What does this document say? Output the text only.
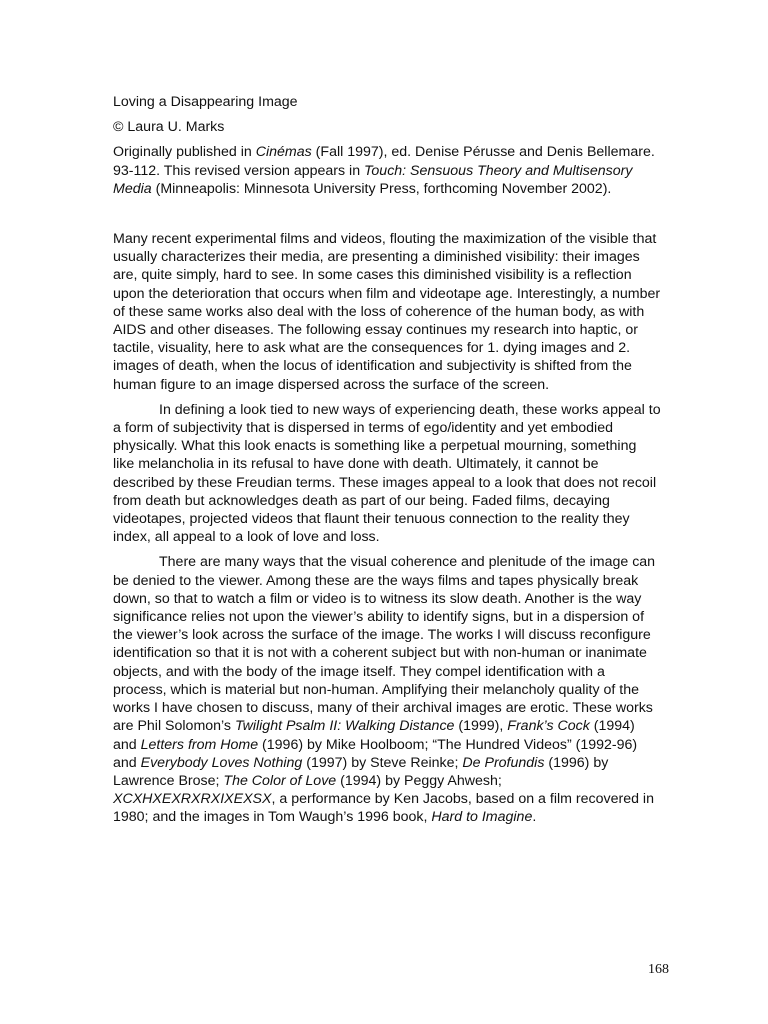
Loving a Disappearing Image

© Laura U. Marks

Originally published in Cinémas (Fall 1997), ed. Denise Pérusse and Denis Bellemare. 93-112. This revised version appears in Touch: Sensuous Theory and Multisensory Media (Minneapolis: Minnesota University Press, forthcoming November 2002).

Many recent experimental films and videos, flouting the maximization of the visible that usually characterizes their media, are presenting a diminished visibility: their images are, quite simply, hard to see. In some cases this diminished visibility is a reflection upon the deterioration that occurs when film and videotape age. Interestingly, a number of these same works also deal with the loss of coherence of the human body, as with AIDS and other diseases. The following essay continues my research into haptic, or tactile, visuality, here to ask what are the consequences for 1. dying images and 2. images of death, when the locus of identification and subjectivity is shifted from the human figure to an image dispersed across the surface of the screen.

In defining a look tied to new ways of experiencing death, these works appeal to a form of subjectivity that is dispersed in terms of ego/identity and yet embodied physically. What this look enacts is something like a perpetual mourning, something like melancholia in its refusal to have done with death. Ultimately, it cannot be described by these Freudian terms. These images appeal to a look that does not recoil from death but acknowledges death as part of our being. Faded films, decaying videotapes, projected videos that flaunt their tenuous connection to the reality they index, all appeal to a look of love and loss.

There are many ways that the visual coherence and plenitude of the image can be denied to the viewer. Among these are the ways films and tapes physically break down, so that to watch a film or video is to witness its slow death. Another is the way significance relies not upon the viewer’s ability to identify signs, but in a dispersion of the viewer’s look across the surface of the image. The works I will discuss reconfigure identification so that it is not with a coherent subject but with non-human or inanimate objects, and with the body of the image itself. They compel identification with a process, which is material but non-human. Amplifying their melancholy quality of the works I have chosen to discuss, many of their archival images are erotic. These works are Phil Solomon’s Twilight Psalm II: Walking Distance (1999), Frank’s Cock (1994) and Letters from Home (1996) by Mike Hoolboom; “The Hundred Videos” (1992-96) and Everybody Loves Nothing (1997) by Steve Reinke; De Profundis (1996) by Lawrence Brose; The Color of Love (1994) by Peggy Ahwesh; XCXHXEXRXRXIXEXSX, a performance by Ken Jacobs, based on a film recovered in 1980; and the images in Tom Waugh’s 1996 book, Hard to Imagine.

168
